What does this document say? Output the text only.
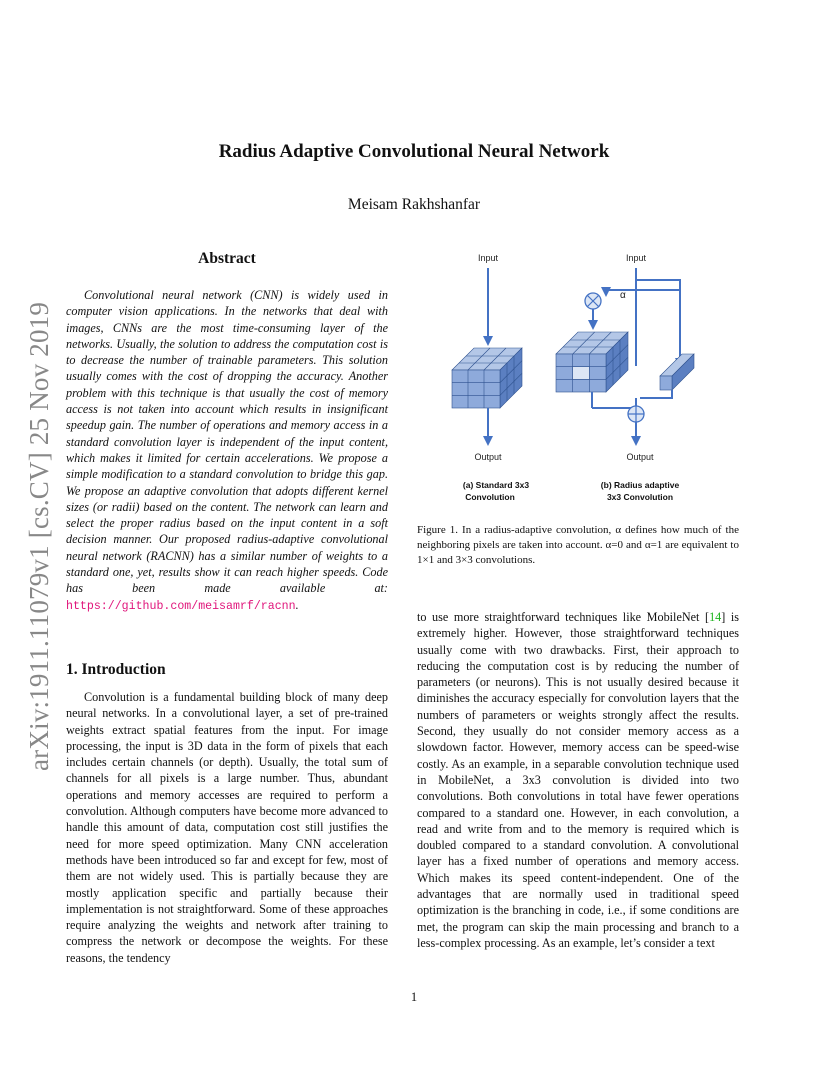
Radius Adaptive Convolutional Neural Network
Meisam Rakhshanfar
arXiv:1911.11079v1 [cs.CV] 25 Nov 2019
Abstract
Convolutional neural network (CNN) is widely used in computer vision applications. In the networks that deal with images, CNNs are the most time-consuming layer of the networks. Usually, the solution to address the computation cost is to decrease the number of trainable parameters. This solution usually comes with the cost of dropping the accuracy. Another problem with this technique is that usually the cost of memory access is not taken into account which results in insignificant speedup gain. The number of operations and memory access in a standard convolution layer is independent of the input content, which makes it limited for certain accelerations. We propose a simple modification to a standard convolution to bridge this gap. We propose an adaptive convolution that adopts different kernel sizes (or radii) based on the content. The network can learn and select the proper radius based on the input content in a soft decision manner. Our proposed radius-adaptive convolutional neural network (RACNN) has a similar number of weights to a standard one, yet, results show it can reach higher speeds. Code has been made available at: https://github.com/meisamrf/racnn.
1. Introduction
Convolution is a fundamental building block of many deep neural networks. In a convolutional layer, a set of pre-trained weights extract spatial features from the input. For image processing, the input is 3D data in the form of pixels that each includes certain channels (or depth). Usually, the total sum of channels for all pixels is a large number. Thus, abundant operations and memory accesses are required to perform a convolution. Although computers have become more advanced to handle this amount of data, computation cost still justifies the need for more speed optimization. Many CNN acceleration methods have been introduced so far and except for few, most of them are not widely used. This is partially because they are mostly application specific and partially because their implementation is not straightforward. Some of these approaches require analyzing the weights and network after training to compress the network or decompose the weights. For these reasons, the tendency
Input
Output
(a) Standard 3x3
Convolution
Input
α
Output
(b) Radius adaptive
3x3 Convolution
Figure 1. In a radius-adaptive convolution, α defines how much of the neighboring pixels are taken into account. α=0 and α=1 are equivalent to 1×1 and 3×3 convolutions.
to use more straightforward techniques like MobileNet [14] is extremely higher. However, those straightforward techniques usually come with two drawbacks. First, their approach to reducing the computation cost is by reducing the number of parameters (or neurons). This is not usually desired because it diminishes the accuracy especially for convolution layers that the numbers of parameters or weights strongly affect the results. Second, they usually do not consider memory access as a slowdown factor. However, memory access can be speed-wise costly. As an example, in a separable convolution technique used in MobileNet, a 3x3 convolution is divided into two convolutions. Both convolutions in total have fewer operations compared to a standard one. However, in each convolution, a read and write from and to the memory is required which is doubled compared to a standard convolution. A convolutional layer has a fixed number of operations and memory access. Which makes its speed content-independent. One of the advantages that are normally used in traditional speed optimization is the branching in code, i.e., if some conditions are met, the program can skip the main processing and branch to a less-complex processing. As an example, let’s consider a text
1
